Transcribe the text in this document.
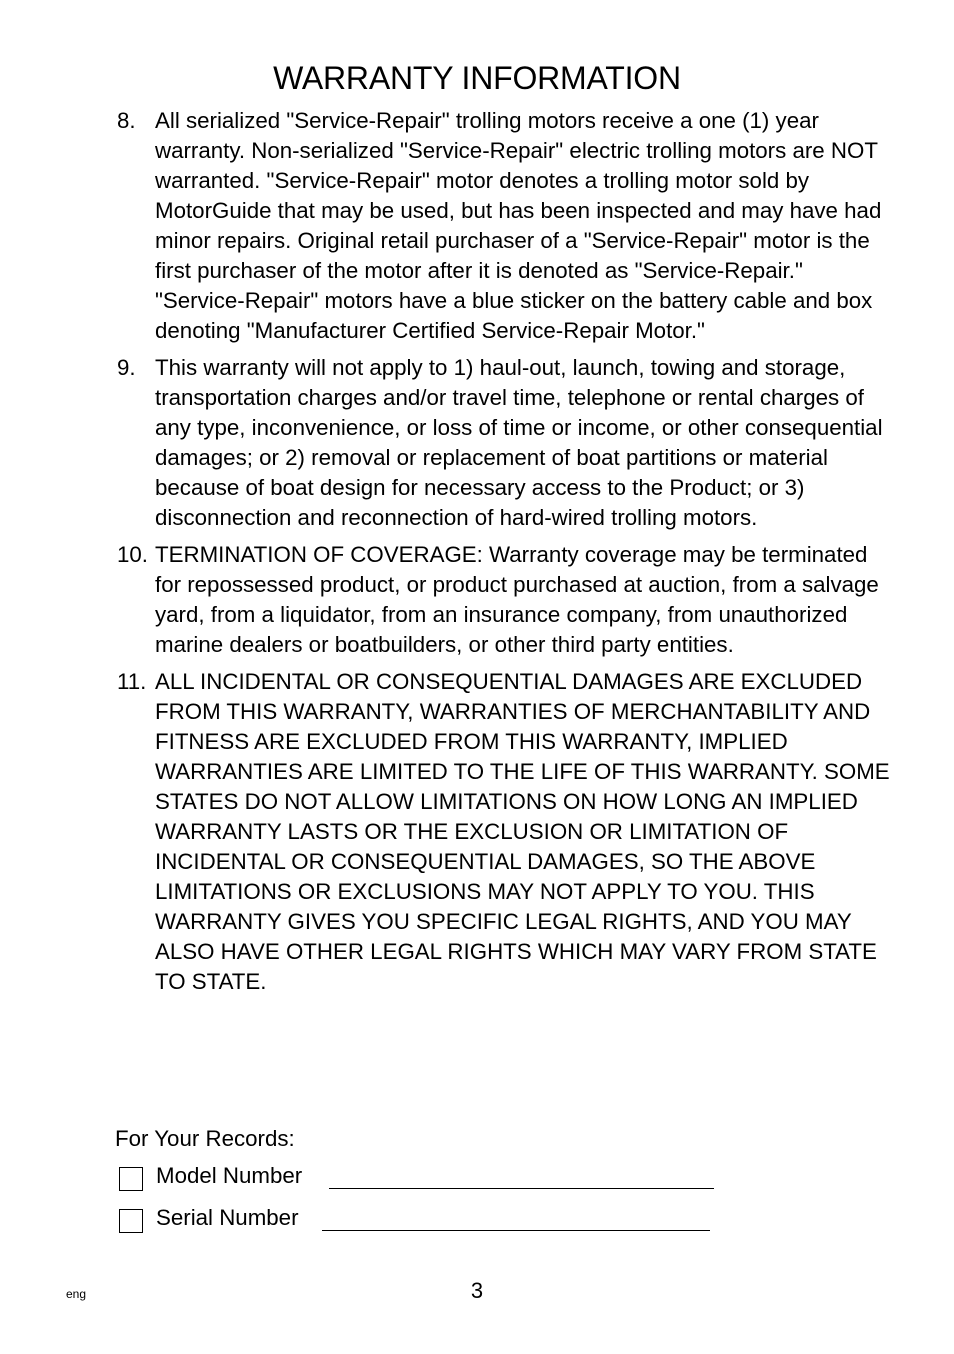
WARRANTY INFORMATION
8. All serialized "Service-Repair" trolling motors receive a one (1) year warranty. Non-serialized "Service-Repair" electric trolling motors are NOT warranted. "Service-Repair" motor denotes a trolling motor sold by MotorGuide that may be used, but has been inspected and may have had minor repairs. Original retail purchaser of a "Service-Repair" motor is the first purchaser of the motor after it is denoted as "Service-Repair." "Service-Repair" motors have a blue sticker on the battery cable and box denoting "Manufacturer Certified Service-Repair Motor."
9. This warranty will not apply to 1) haul-out, launch, towing and storage, transportation charges and/or travel time, telephone or rental charges of any type, inconvenience, or loss of time or income, or other consequential damages; or 2) removal or replacement of boat partitions or material because of boat design for necessary access to the Product; or 3) disconnection and reconnection of hard-wired trolling motors.
10. TERMINATION OF COVERAGE: Warranty coverage may be terminated for repossessed product, or product purchased at auction, from a salvage yard, from a liquidator, from an insurance company, from unauthorized marine dealers or boatbuilders, or other third party entities.
11. ALL INCIDENTAL OR CONSEQUENTIAL DAMAGES ARE EXCLUDED FROM THIS WARRANTY, WARRANTIES OF MERCHANTABILITY AND FITNESS ARE EXCLUDED FROM THIS WARRANTY, IMPLIED WARRANTIES ARE LIMITED TO THE LIFE OF THIS WARRANTY. SOME STATES DO NOT ALLOW LIMITATIONS ON HOW LONG AN IMPLIED WARRANTY LASTS OR THE EXCLUSION OR LIMITATION OF INCIDENTAL OR CONSEQUENTIAL DAMAGES, SO THE ABOVE LIMITATIONS OR EXCLUSIONS MAY NOT APPLY TO YOU. THIS WARRANTY GIVES YOU SPECIFIC LEGAL RIGHTS, AND YOU MAY ALSO HAVE OTHER LEGAL RIGHTS WHICH MAY VARY FROM STATE TO STATE.
For Your Records:
Model Number
Serial Number
3
eng
